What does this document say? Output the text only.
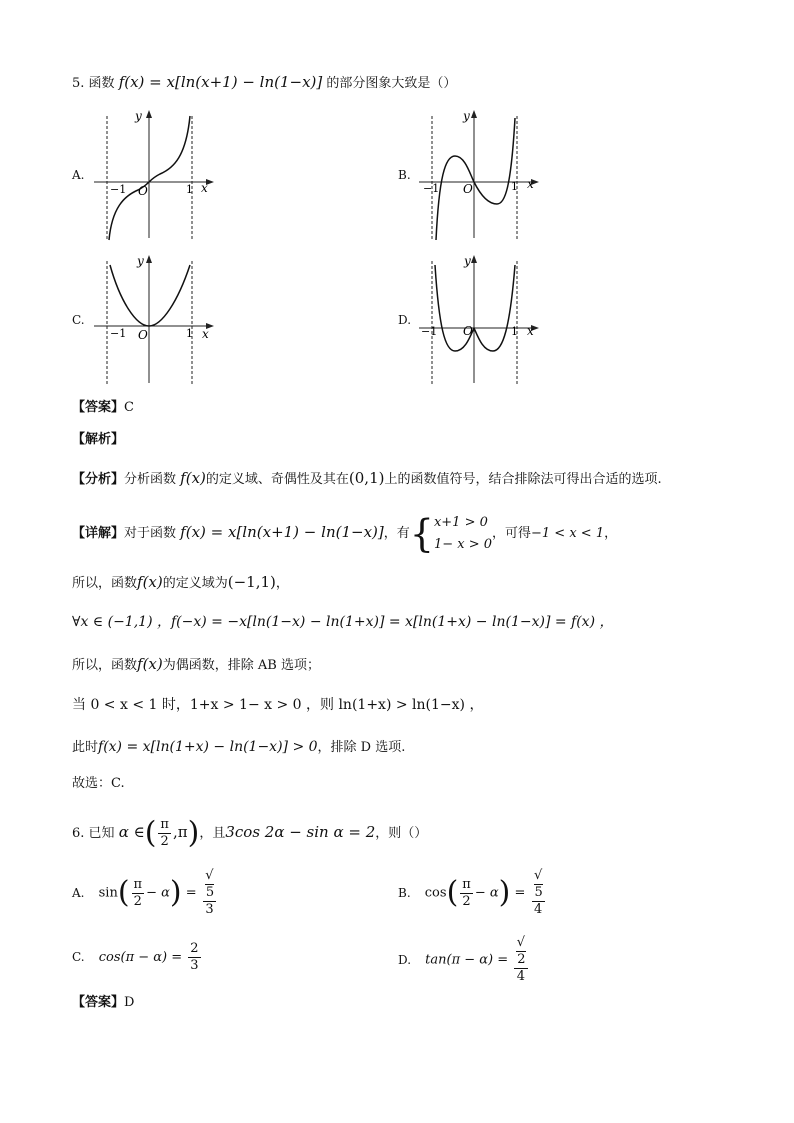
5. 函数 f(x) = x[ln(x+1) − ln(1−x)] 的部分图象大致是（）
A.
y
x
O
−1	1
B.
y
x
O
−1	1
C.
y
x
O
−1	1
D.
y
x
O
−1	1
【答案】C
【解析】
【分析】分析函数 f(x)的定义域、奇偶性及其在(0,1)上的函数值符号，结合排除法可得出合适的选项.
【详解】对于函数 f(x) = x[ln(x+1) − ln(1−x)]，有{ x+1 > 0
1− x > 0
，可得−1 < x < 1，
所以，函数f(x)的定义域为(−1,1)，
∀x ∈ (−1,1) ，f(−x) = −x[ln(1−x) − ln(1+x)] = x[ln(1+x) − ln(1−x)] = f(x) ，
所以，函数f(x)为偶函数，排除 AB 选项；
当 0 < x < 1 时，1+x > 1− x > 0 ，则 ln(1+x) > ln(1−x) ，
此时f(x) = x[ln(1+x) − ln(1−x)] > 0，排除 D 选项.
故选：C.
6. 已知 α ∈( $\frac{\pi}{2} ,\pi$)，且3cos 2α − sin α = 2，则（）
A. $\sin( \frac{\pi}{2} - \alpha)$ = √
5
3	B. $\cos( \frac{\pi}{2} - \alpha)$ = √
5
4
C. $\cos(\pi - \alpha) = \frac{2}{3}$	D. tan(π − α) = √
2
4
【答案】D
